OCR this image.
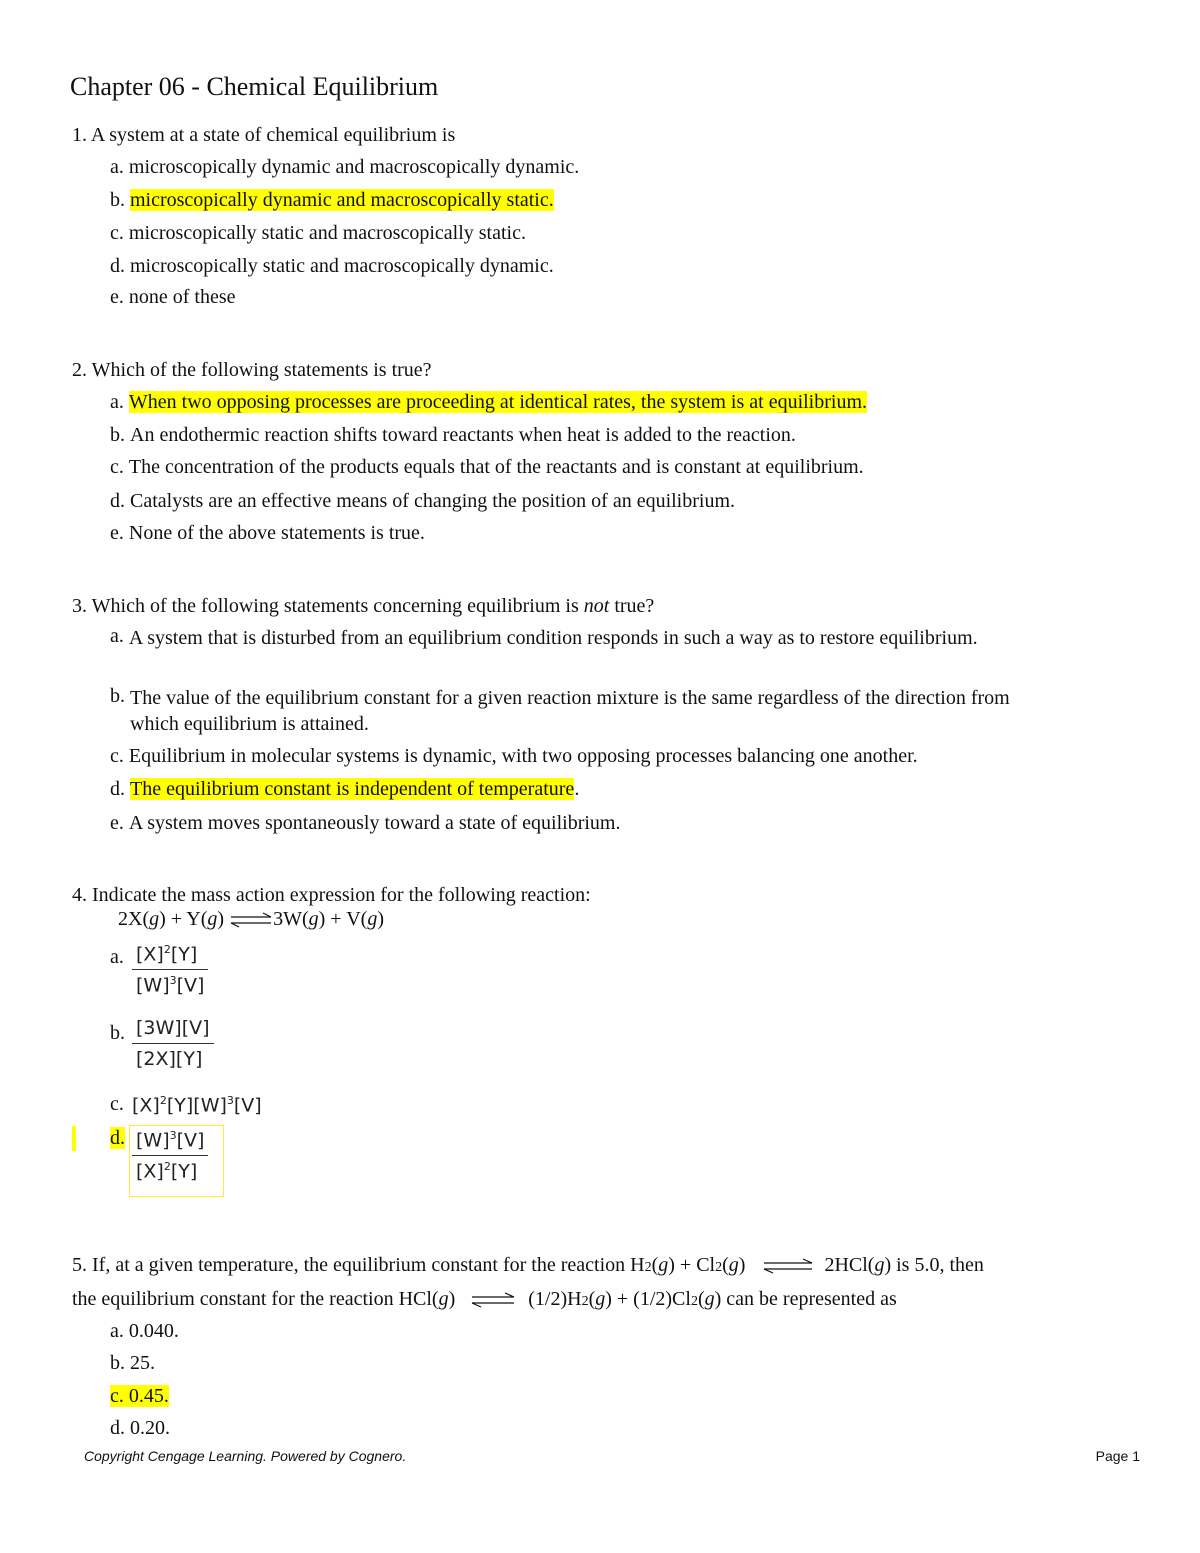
Chapter 06 - Chemical Equilibrium
1. A system at a state of chemical equilibrium is
a. microscopically dynamic and macroscopically dynamic.
b. microscopically dynamic and macroscopically static.
c. microscopically static and macroscopically static.
d. microscopically static and macroscopically dynamic.
e. none of these
2. Which of the following statements is true?
a. When two opposing processes are proceeding at identical rates, the system is at equilibrium.
b. An endothermic reaction shifts toward reactants when heat is added to the reaction.
c. The concentration of the products equals that of the reactants and is constant at equilibrium.
d. Catalysts are an effective means of changing the position of an equilibrium.
e. None of the above statements is true.
3. Which of the following statements concerning equilibrium is not true?
a. A system that is disturbed from an equilibrium condition responds in such a way as to restore equilibrium.
b. The value of the equilibrium constant for a given reaction mixture is the same regardless of the direction from which equilibrium is attained.
c. Equilibrium in molecular systems is dynamic, with two opposing processes balancing one another.
d. The equilibrium constant is independent of temperature.
e. A system moves spontaneously toward a state of equilibrium.
4. Indicate the mass action expression for the following reaction:
2X(g) + Y(g) ⇌3W(g) + V(g)
a. $\frac{[X]^2[Y]}{[W]^3[V]}$
b. $\frac{[3W][V]}{[2X][Y]}$
c. $[X]^2[Y][W]^3[V]$
d. $\frac{[W]^3[V]}{[X]^2[Y]}$
5. If, at a given temperature, the equilibrium constant for the reaction H2(g) + Cl2(g) ⇌ 2HCl(g) is 5.0, then
the equilibrium constant for the reaction HCl(g) ⇌ (1/2)H2(g) + (1/2)Cl2(g) can be represented as
a. 0.040.
b. 25.
c. 0.45.
d. 0.20.
Copyright Cengage Learning. Powered by Cognero.	Page 1
